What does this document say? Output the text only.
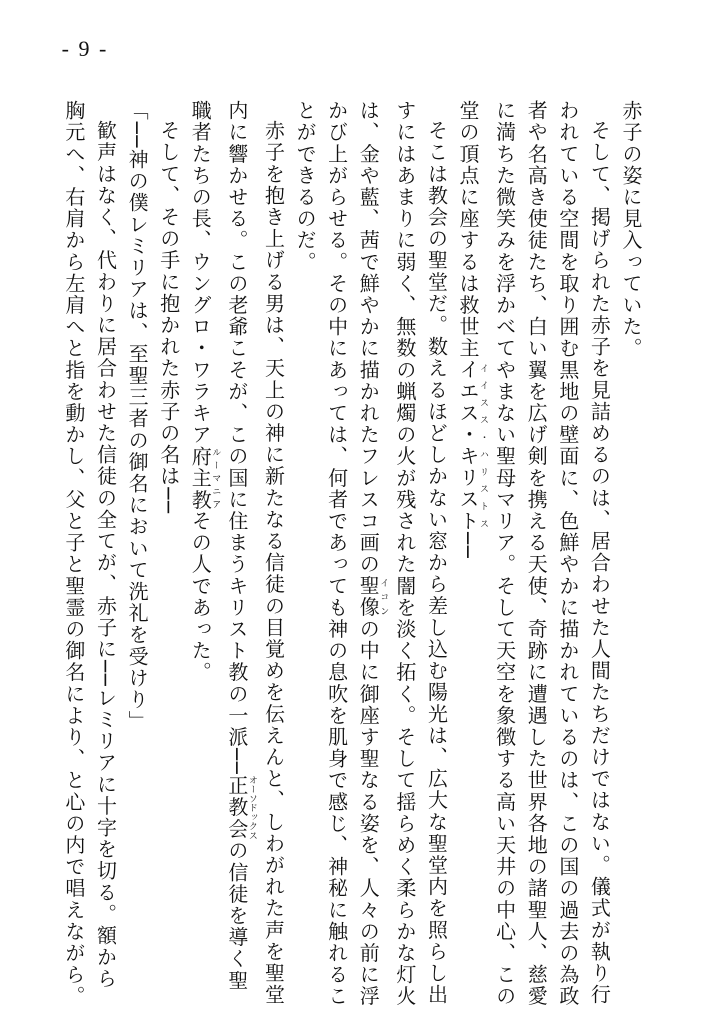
- 9 -

赤子の姿に見入っていた。

そして、掲げられた赤子を見詰めるのは、居合わせた人間たちだけではない。儀式が執り行

われている空間を取り囲む黒地の壁面に、色鮮やかに描かれているのは、この国の過去の為政

者や名高き使徒たち、白い翼を広げ剣を携える天使、奇跡に遭遇した世界各地の諸聖人、慈愛

に満ちた微笑みを浮かべてやまない聖母マリア。そして天空を象徴する高い天井の中心、この

堂の頂点に座するは救世主イエス・キリストイイスス・ハリストス──

そこは教会の聖堂だ。数えるほどしかない窓から差し込む陽光は、広大な聖堂内を照らし出

すにはあまりに弱く、無数の蝋燭の火が残された闇を淡く拓く。そして揺らめく柔らかな灯火

は、金や藍、茜で鮮やかに描かれたフレスコ画の聖像イコンの中に御座す聖なる姿を、人々の前に浮

かび上がらせる。その中にあっては、何者であっても神の息吹を肌身で感じ、神秘に触れるこ

とができるのだ。

赤子を抱き上げる男は、天上の神に新たなる信徒の目覚めを伝えんと、しわがれた声を聖堂

内に響かせる。この老爺こそが、この国に住まうキリスト教の一派──正教会オーソドックスの信徒を導く聖

職者たちの長、ウングロ・ワラキア府主教ルーマニアその人であった。

そして、その手に抱かれた赤子の名は──

「──神の僕レミリアは、至聖三者の御名において洗礼を受けり」

歓声はなく、代わりに居合わせた信徒の全てが、赤子に──レミリアに十字を切る。額から

胸元へ、右肩から左肩へと指を動かし、父と子と聖霊の御名により、と心の内で唱えながら。
